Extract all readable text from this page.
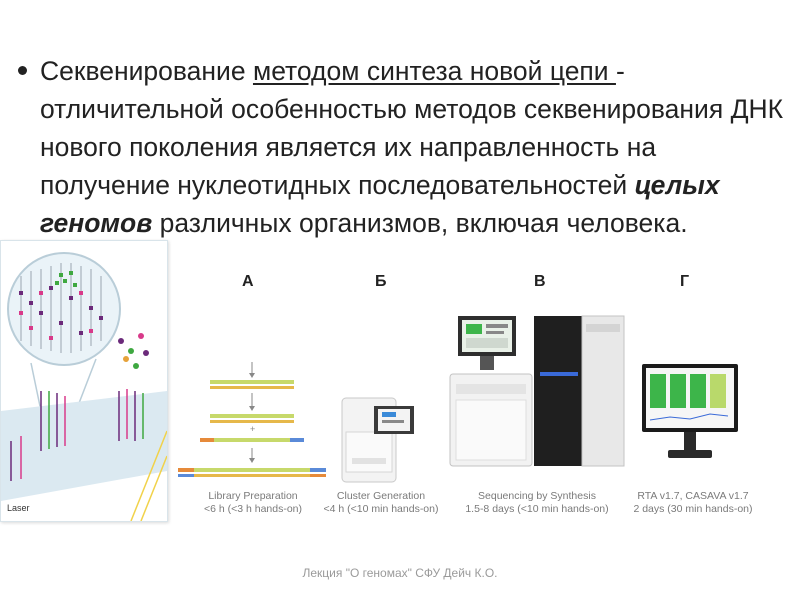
Секвенирование методом синтеза новой цепи - отличительной особенностью методов секвенирования ДНК нового поколения является их направленность на получение нуклеотидных последовательностей целых геномов различных организмов, включая человека.
Laser
А	Б	В	Г
+
Library Preparation
<6 h (<3 h hands-on)
Cluster Generation
<4 h (<10 min hands-on)
Sequencing by Synthesis
1.5-8 days (<10 min hands-on)
RTA v1.7, CASAVA v1.7
2 days (30 min hands-on)
Лекция "О геномах" СФУ Дейч К.О.
